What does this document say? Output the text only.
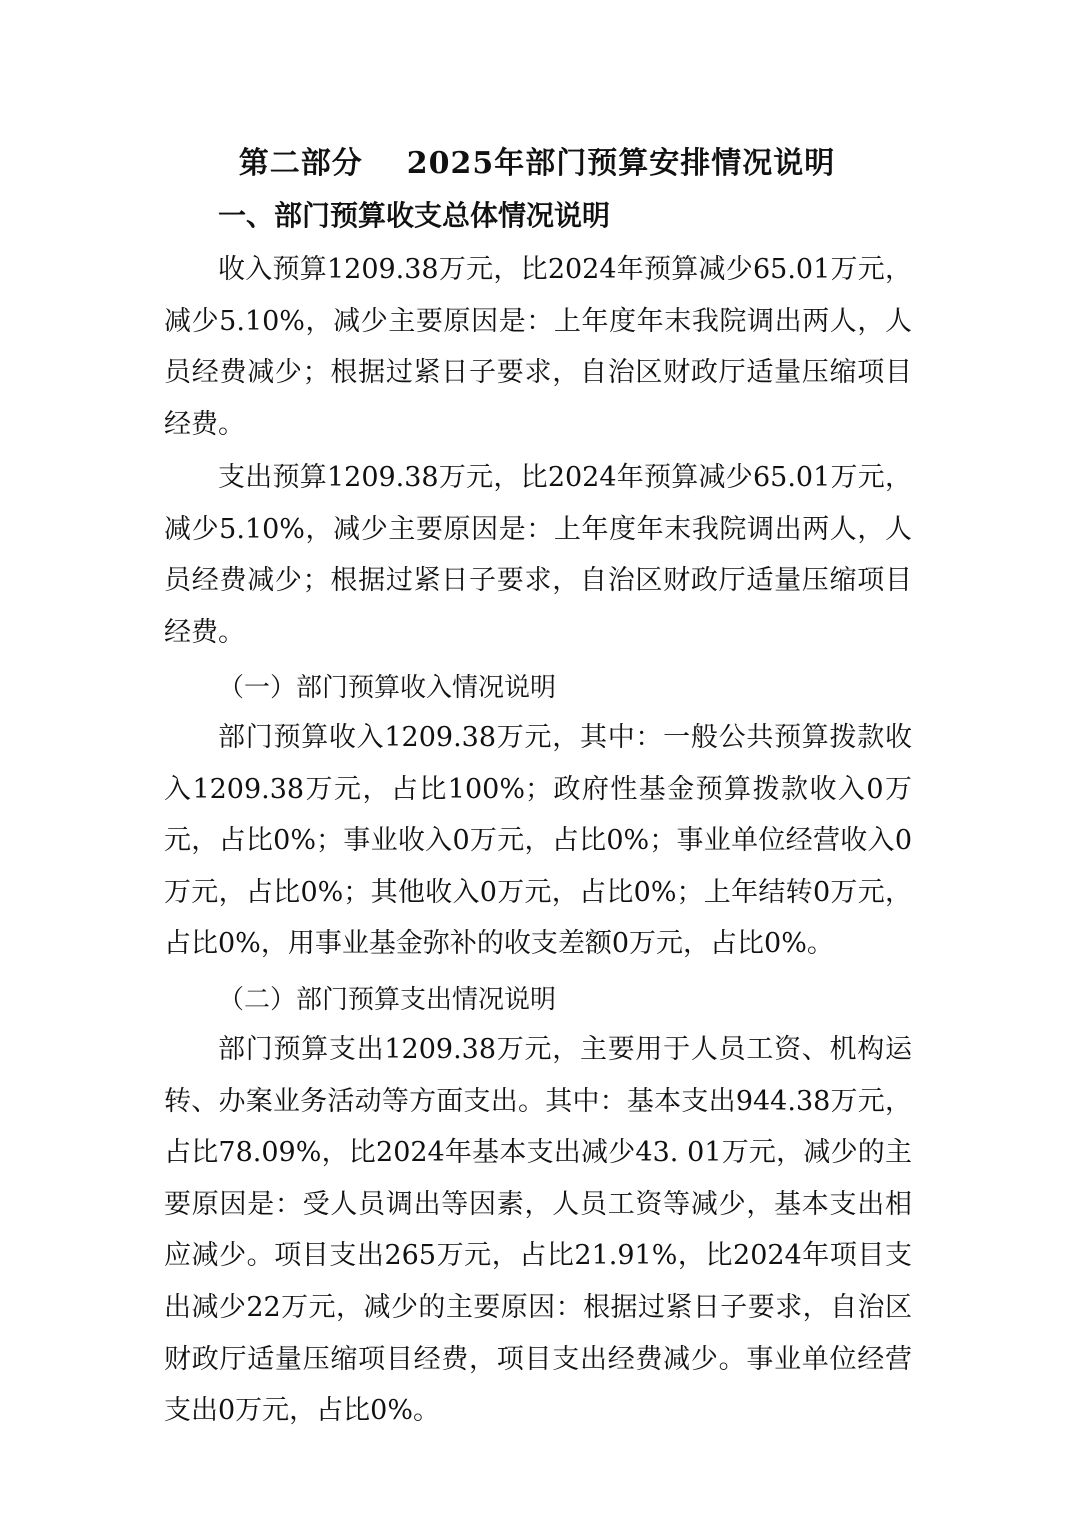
第二部分 2025年部门预算安排情况说明
一、部门预算收支总体情况说明

收入预算1209.38万元，比2024年预算减少65.01万元，减少5.10%，减少主要原因是：上年度年末我院调出两人，人员经费减少；根据过紧日子要求，自治区财政厅适量压缩项目经费。

支出预算1209.38万元，比2024年预算减少65.01万元，减少5.10%，减少主要原因是：上年度年末我院调出两人，人员经费减少；根据过紧日子要求，自治区财政厅适量压缩项目经费。

（一）部门预算收入情况说明

部门预算收入1209.38万元，其中：一般公共预算拨款收入1209.38万元，占比100%；政府性基金预算拨款收入0万元，占比0%；事业收入0万元，占比0%；事业单位经营收入0万元，占比0%；其他收入0万元，占比0%；上年结转0万元，占比0%，用事业基金弥补的收支差额0万元，占比0%。

（二）部门预算支出情况说明

部门预算支出1209.38万元，主要用于人员工资、机构运转、办案业务活动等方面支出。其中：基本支出944.38万元，占比78.09%，比2024年基本支出减少43. 01万元，减少的主要原因是：受人员调出等因素，人员工资等减少，基本支出相应减少。项目支出265万元，占比21.91%，比2024年项目支出减少22万元，减少的主要原因：根据过紧日子要求，自治区财政厅适量压缩项目经费，项目支出经费减少。事业单位经营支出0万元，占比0%。
